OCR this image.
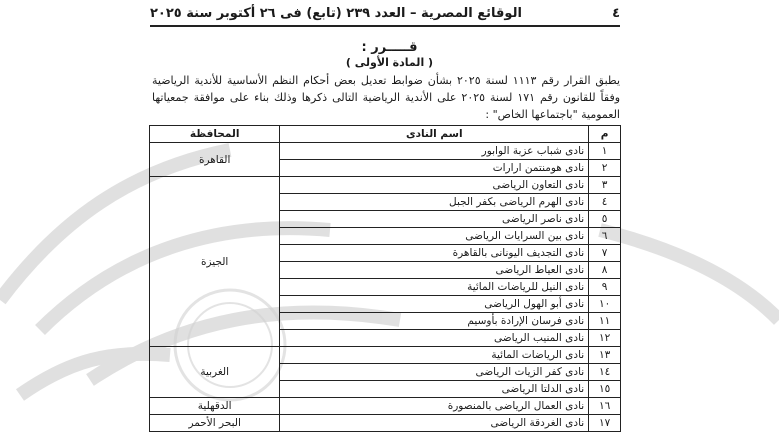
٤
الوقائع المصرية – العدد ٢٣٩ (تابع) فى ٢٦ أكتوبر سنة ٢٠٢٥
قـــــرر :
( المادة الأولى )
يطبق القرار رقم ١١١٣ لسنة ٢٠٢٥ بشأن ضوابط تعديل بعض أحكام النظم الأساسية للأندية الرياضية وفقاً للقانون رقم ١٧١ لسنة ٢٠٢٥ على الأندية الرياضية التالى ذكرها وذلك بناء على موافقة جمعياتها العمومية "باجتماعها الخاص" :
م	اسم النادى	المحافظة
١	نادى شباب عزبة الوابور	القاهرة
٢	نادى هومنتمن ارارات	
٣	نادى التعاون الرياضى	الجيزة
٤	نادى الهرم الرياضى بكفر الجبل	
٥	نادى ناصر الرياضى	
٦	نادى بين السرايات الرياضى	
٧	نادى التجديف اليونانى بالقاهرة	
٨	نادى العياط الرياضى	
٩	نادى النيل للرياضات المائية	
١٠	نادى أبو الهول الرياضى	
١١	نادى فرسان الإرادة بأوسيم	
١٢	نادى المنيب الرياضى	
١٣	نادى الرياضات المائية	الغربية
١٤	نادى كفر الزيات الرياضى	
١٥	نادى الدلتا الرياضى	
١٦	نادى العمال الرياضى بالمنصورة	الدقهلية
١٧	نادى الغردقة الرياضى	البحر الأحمر
